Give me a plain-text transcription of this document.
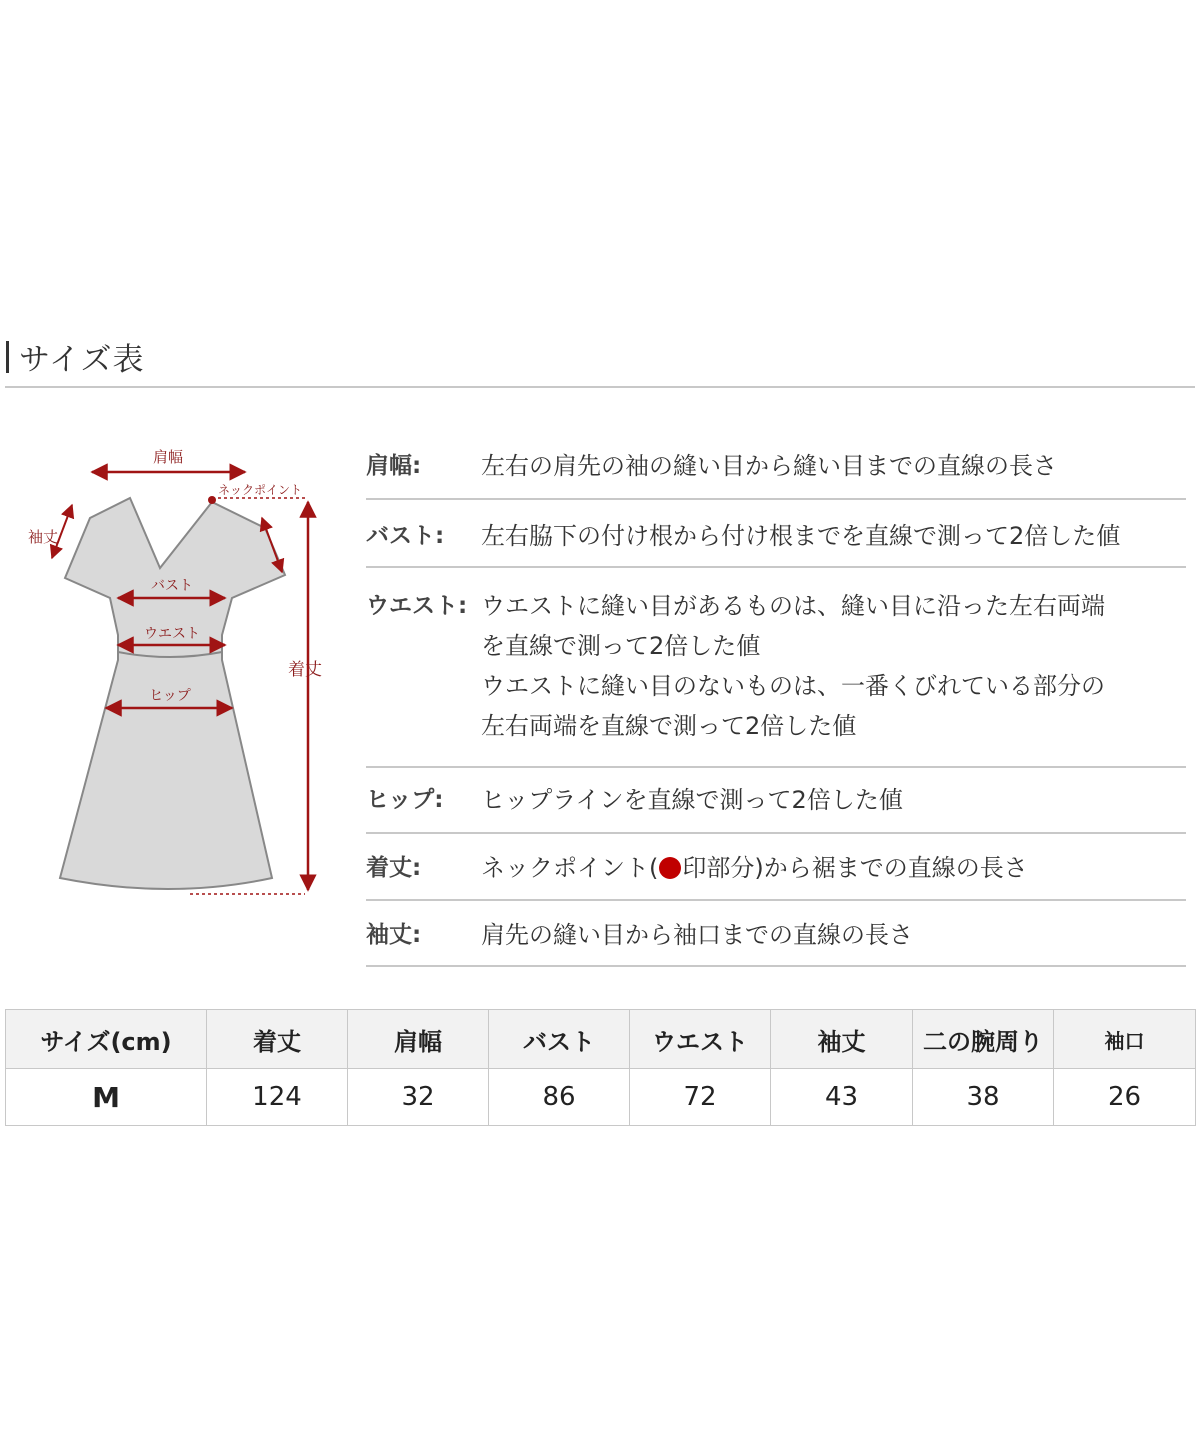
サイズ表
肩幅
ネックポイント
袖丈
バスト
ウエスト
ヒップ
着丈
肩幅:	左右の肩先の袖の縫い目から縫い目までの直線の長さ
バスト:	左右脇下の付け根から付け根までを直線で測って2倍した値
ウエスト: ウエストに縫い目があるものは、縫い目に沿った左右両端
を直線で測って2倍した値
ウエストに縫い目のないものは、一番くびれている部分の
左右両端を直線で測って2倍した値
ヒップ:	ヒップラインを直線で測って2倍した値
着丈:	ネックポイント( 印部分)から裾までの直線の長さ
袖丈:	肩先の縫い目から袖口までの直線の長さ
サイズ(cm)	着丈	肩幅	バスト	ウエスト	袖丈	二の腕周り	袖口
M	124	32	86	72	43	38	26
